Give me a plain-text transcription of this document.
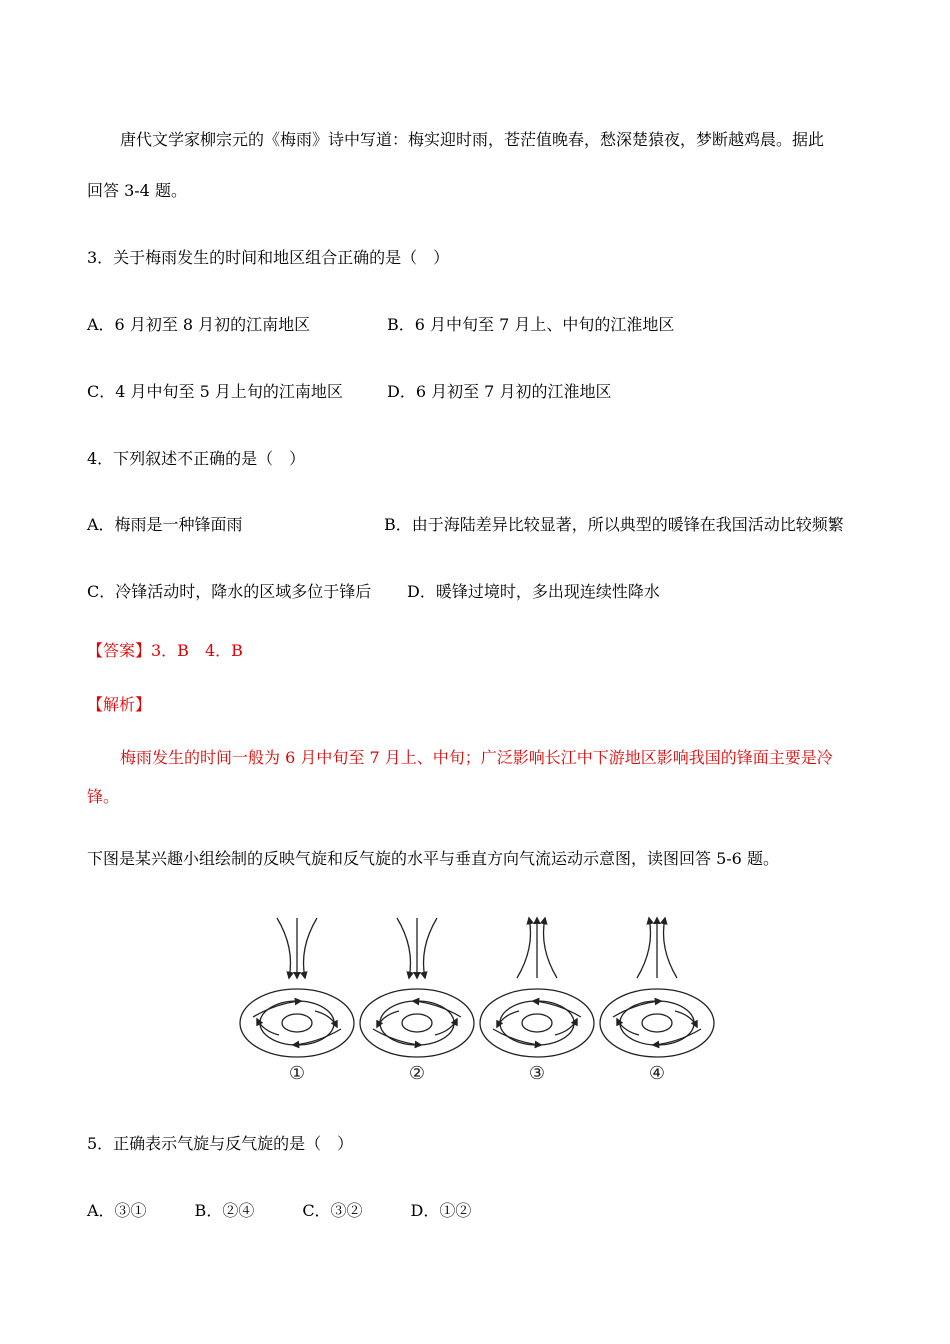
唐代文学家柳宗元的《梅雨》诗中写道：梅实迎时雨，苍茫值晚春，愁深楚猿夜，梦断越鸡晨。据此
回答 3-4 题。
3．关于梅雨发生的时间和地区组合正确的是（　）
A．6 月初至 8 月初的江南地区	B．6 月中旬至 7 月上、中旬的江淮地区
C．4 月中旬至 5 月上旬的江南地区	D．6 月初至 7 月初的江淮地区
4．下列叙述不正确的是（　）
A．梅雨是一种锋面雨	B．由于海陆差异比较显著，所以典型的暖锋在我国活动比较频繁
C．冷锋活动时，降水的区域多位于锋后 D．暖锋过境时，多出现连续性降水
【答案】3．B　4．B
【解析】
梅雨发生的时间一般为 6 月中旬至 7 月上、中旬；广泛影响长江中下游地区影响我国的锋面主要是冷
锋。
下图是某兴趣小组绘制的反映气旋和反气旋的水平与垂直方向气流运动示意图，读图回答 5-6 题。
①	②	③	④
5．正确表示气旋与反气旋的是（　）
A．③①　　　B．②④　　　C．③②　　　D．①②
